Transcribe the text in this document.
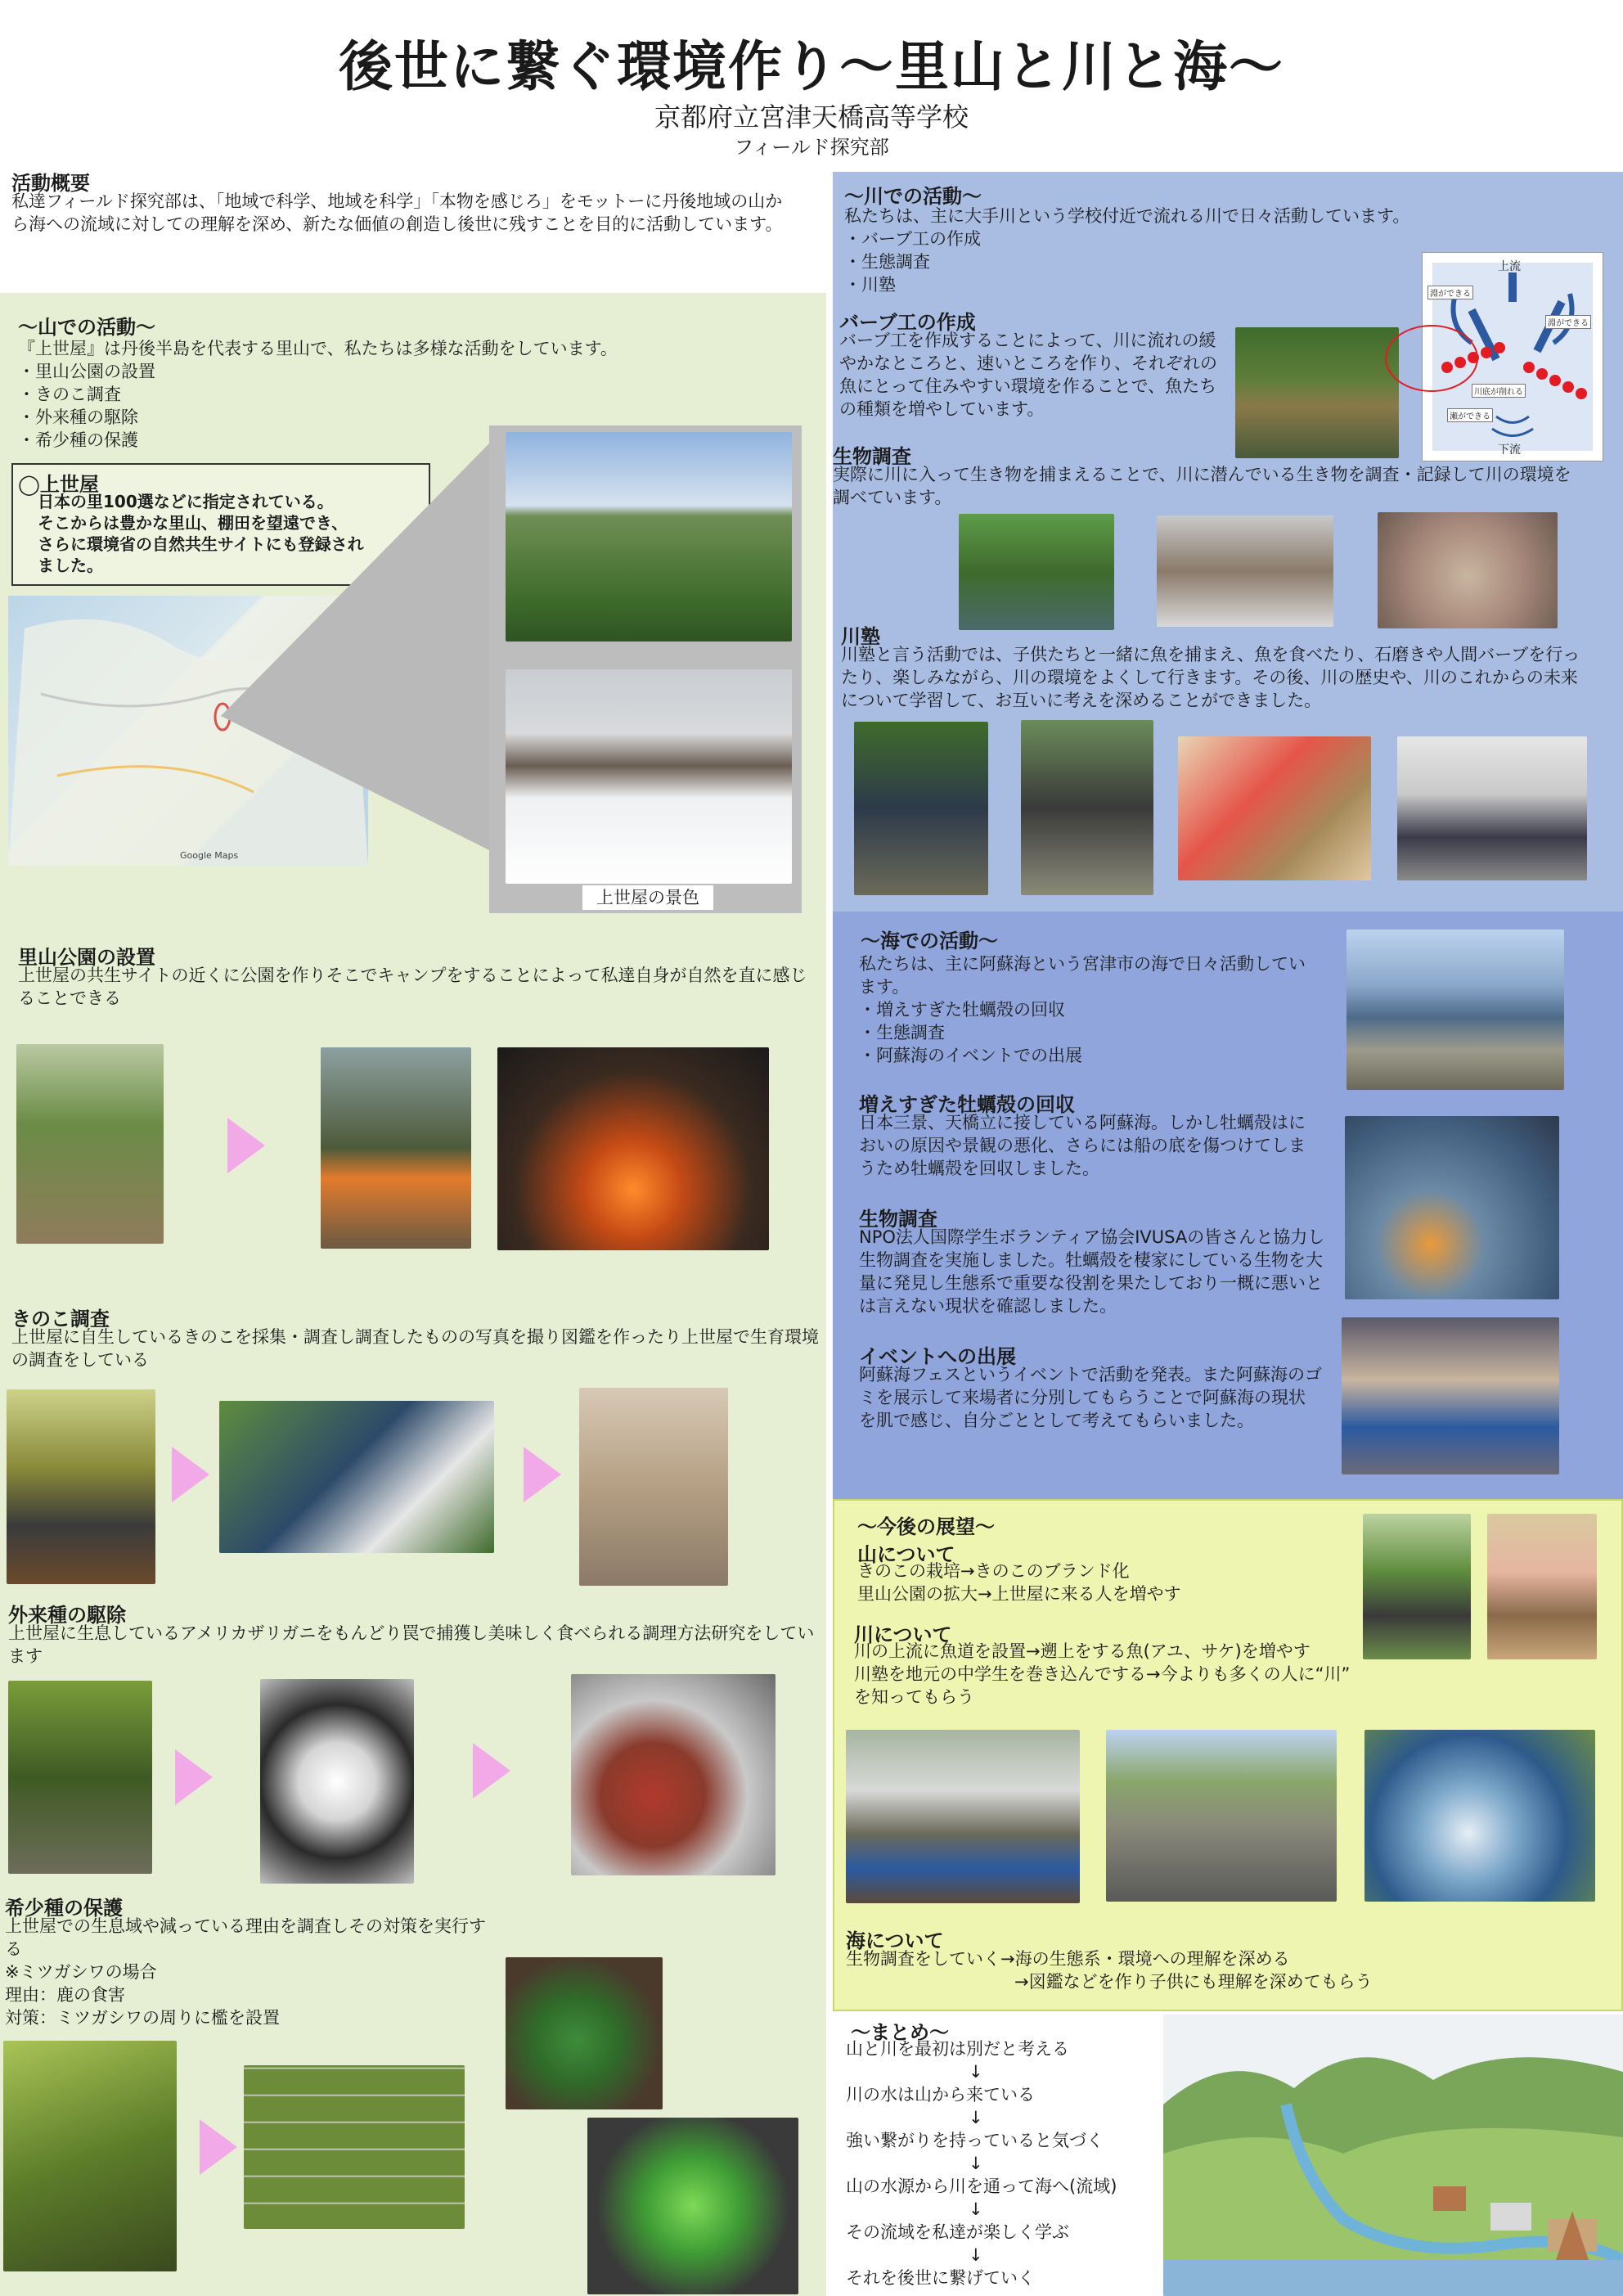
後世に繋ぐ環境作り〜里山と川と海〜
京都府立宮津天橋高等学校
フィールド探究部
活動概要
私達フィールド探究部は、「地域で科学、地域を科学」「本物を感じろ」をモットーに丹後地域の山から海への流域に対しての理解を深め、新たな価値の創造し後世に残すことを目的に活動しています。
〜山での活動〜
『上世屋』は丹後半島を代表する里山で、私たちは多様な活動をしています。
・里山公園の設置
・きのこ調査
・外来種の駆除
・希少種の保護
◯上世屋
日本の里100選などに指定されている。
そこからは豊かな里山、棚田を望遠でき、
さらに環境省の自然共生サイトにも登録され
ました。
Google Maps
上世屋の景色
里山公園の設置
上世屋の共生サイトの近くに公園を作りそこでキャンプをすることによって私達自身が自然を直に感じることできる
きのこ調査
上世屋に自生しているきのこを採集・調査し調査したものの写真を撮り図鑑を作ったり上世屋で生育環境の調査をしている
外来種の駆除
上世屋に生息しているアメリカザリガニをもんどり罠で捕獲し美味しく食べられる調理方法研究をしています
希少種の保護
上世屋での生息域や減っている理由を調査しその対策を実行する
※ミツガシワの場合
理由：鹿の食害
対策：ミツガシワの周りに檻を設置
〜川での活動〜
私たちは、主に大手川という学校付近で流れる川で日々活動しています。
・バーブ工の作成
・生態調査
・川塾
バーブ工の作成
バーブ工を作成することによって、川に流れの緩やかなところと、速いところを作り、それぞれの魚にとって住みやすい環境を作ることで、魚たちの種類を増やしています。
上流
下流
淵ができる
淵ができる
川底が削れる
瀬ができる
生物調査
実際に川に入って生き物を捕まえることで、川に潜んでいる生き物を調査・記録して川の環境を調べています。
川塾
川塾と言う活動では、子供たちと一緒に魚を捕まえ、魚を食べたり、石磨きや人間バーブを行ったり、楽しみながら、川の環境をよくして行きます。その後、川の歴史や、川のこれからの未来について学習して、お互いに考えを深めることができました。
〜海での活動〜
私たちは、主に阿蘇海という宮津市の海で日々活動しています。
・増えすぎた牡蠣殻の回収
・生態調査
・阿蘇海のイベントでの出展
増えすぎた牡蠣殻の回収
日本三景、天橋立に接している阿蘇海。しかし牡蠣殻はにおいの原因や景観の悪化、さらには船の底を傷つけてしまうため牡蠣殻を回収しました。
生物調査
NPO法人国際学生ボランティア協会IVUSAの皆さんと協力し生物調査を実施しました。牡蠣殻を棲家にしている生物を大量に発見し生態系で重要な役割を果たしており一概に悪いとは言えない現状を確認しました。
イベントへの出展
阿蘇海フェスというイベントで活動を発表。また阿蘇海のゴミを展示して来場者に分別してもらうことで阿蘇海の現状を肌で感じ、自分ごととして考えてもらいました。
〜今後の展望〜
山について
きのこの栽培→きのこのブランド化
里山公園の拡大→上世屋に来る人を増やす
川について
川の上流に魚道を設置→遡上をする魚(アユ、サケ)を増やす
川塾を地元の中学生を巻き込んでする→今よりも多くの人に“川”
を知ってもらう
海について
生物調査をしていく→海の生態系・環境への理解を深める
→図鑑などを作り子供にも理解を深めてもらう
〜まとめ〜
山と川を最初は別だと考える
↓
川の水は山から来ている
↓
強い繋がりを持っていると気づく
↓
山の水源から川を通って海へ(流域)
↓
その流域を私達が楽しく学ぶ
↓
それを後世に繋げていく
